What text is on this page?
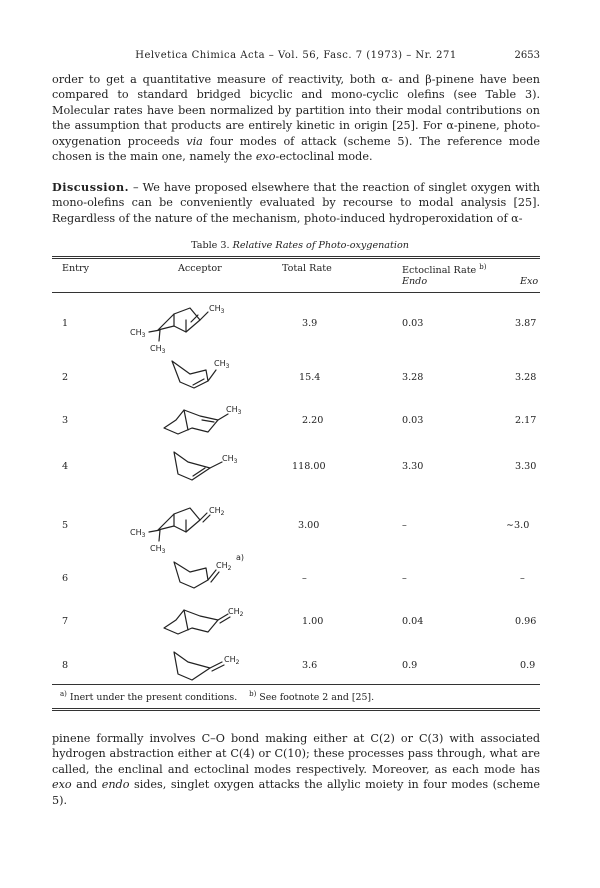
Helvetica Chimica Acta – Vol. 56, Fasc. 7 (1973) – Nr. 271	2653
order to get a quantitative measure of reactivity, both α- and β-pinene have been compared to standard bridged bicyclic and mono-cyclic olefins (see Table 3). Molecular rates have been normalized by partition into their modal contributions on the assumption that products are entirely kinetic in origin [25]. For α-pinene, photo-oxygenation proceeds via four modes of attack (scheme 5). The reference mode chosen is the main one, namely the exo-ectoclinal mode.
Discussion. – We have proposed elsewhere that the reaction of singlet oxygen with mono-olefins can be conveniently evaluated by recourse to modal analysis [25]. Regardless of the nature of the mechanism, photo-induced hydroperoxidation of α-
Table 3. Relative Rates of Photo-oxygenation
Entry	Acceptor	Total Rate	Ectoclinal Rate $^{b)}$
Endo	Exo
1	3.9	0.03	3.87
2	15.4	3.28	3.28
3	2.20	0.03	2.17
4	118.00	3.30	3.30
5	3.00	–	∼3.0
6	–	–	–
7	1.00	0.04	0.96
8	3.6	0.9	0.9
$CH_3$
$CH_3$
$CH_3$
$CH_3$
$CH_3$
$CH_3$
$CH_2$
$CH_3$
$CH_3$
$CH_2$
a)
$CH_2$
$CH_2$
$^{a)}$ Inert under the present conditions. $^{b)}$ See footnote 2 and [25].
pinene formally involves C–O bond making either at C(2) or C(3) with associated hydrogen abstraction either at C(4) or C(10); these processes pass through, what are called, the enclinal and ectoclinal modes respectively. Moreover, as each mode has exo and endo sides, singlet oxygen attacks the allylic moiety in four modes (scheme 5).
